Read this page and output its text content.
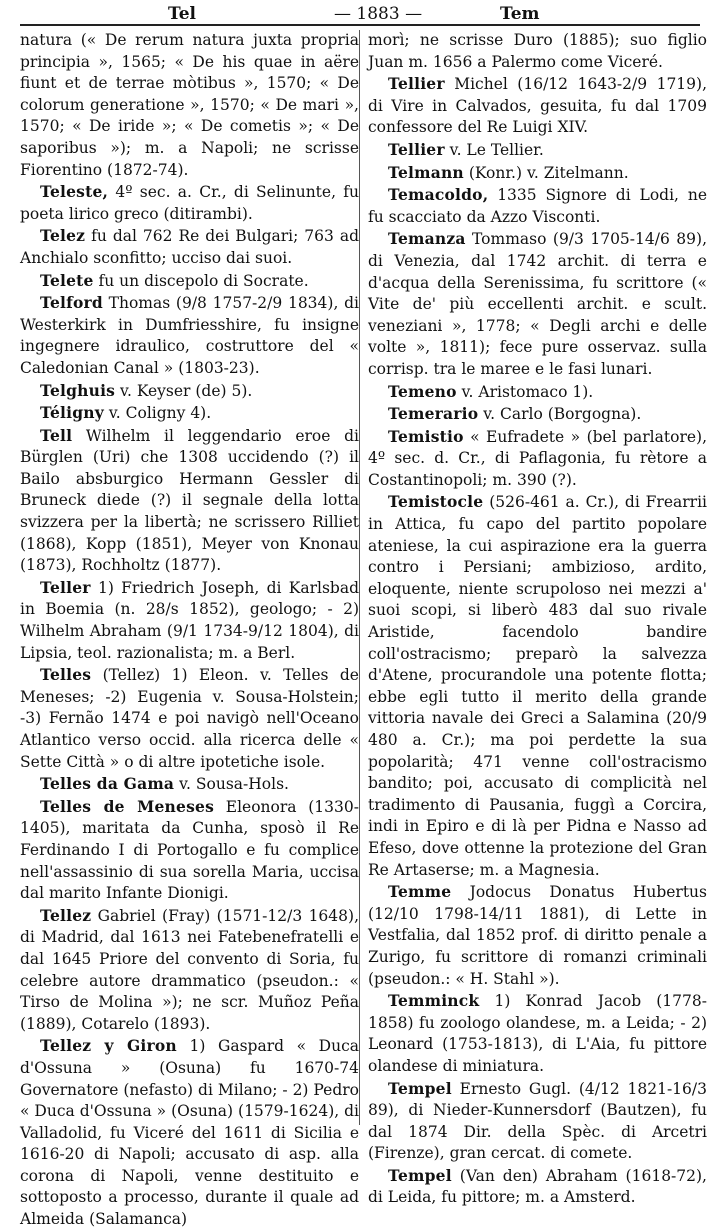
Tel	— 1883 —	Tem
natura (« De rerum natura juxta propria principia », 1565; « De his quae in aëre fiunt et de terrae mòtibus », 1570; « De colorum generatione », 1570; « De mari », 1570; « De iride »; « De cometis »; « De saporibus »); m. a Napoli; ne scrisse Fiorentino (1872-74).
Teleste, 4º sec. a. Cr., di Selinunte, fu poeta lirico greco (ditirambi).
Telez fu dal 762 Re dei Bulgari; 763 ad Anchialo sconfitto; ucciso dai suoi.
Telete fu un discepolo di Socrate.
Telford Thomas (9/8 1757-2/9 1834), di Westerkirk in Dumfriesshire, fu insigne ingegnere idraulico, costruttore del « Caledonian Canal » (1803-23).
Telghuis v. Keyser (de) 5).
Téligny v. Coligny 4).
Tell Wilhelm il leggendario eroe di Bürglen (Uri) che 1308 uccidendo (?) il Bailo absburgico Hermann Gessler di Bruneck diede (?) il segnale della lotta svizzera per la libertà; ne scrissero Rilliet (1868), Kopp (1851), Meyer von Knonau (1873), Rochholtz (1877).
Teller 1) Friedrich Joseph, di Karlsbad in Boemia (n. 28/s 1852), geologo; - 2) Wilhelm Abraham (9/1 1734-9/12 1804), di Lipsia, teol. razionalista; m. a Berl.
Telles (Tellez) 1) Eleon. v. Telles de Meneses; -2) Eugenia v. Sousa-Holstein; -3) Fernão 1474 e poi navigò nell'Oceano Atlantico verso occid. alla ricerca delle « Sette Città » o di altre ipotetiche isole.
Telles da Gama v. Sousa-Hols.
Telles de Meneses Eleonora (1330-1405), maritata da Cunha, sposò il Re Ferdinando I di Portogallo e fu complice nell'assassinio di sua sorella Maria, uccisa dal marito Infante Dionigi.
Tellez Gabriel (Fray) (1571-12/3 1648), di Madrid, dal 1613 nei Fatebenefratelli e dal 1645 Priore del convento di Soria, fu celebre autore drammatico (pseudon.: « Tirso de Molina »); ne scr. Muñoz Peña (1889), Cotarelo (1893).
Tellez y Giron 1) Gaspard « Duca d'Ossuna » (Osuna) fu 1670-74 Governatore (nefasto) di Milano; - 2) Pedro « Duca d'Ossuna » (Osuna) (1579-1624), di Valladolid, fu Viceré del 1611 di Sicilia e 1616-20 di Napoli; accusato di asp. alla corona di Napoli, venne destituito e sottoposto a processo, durante il quale ad Almeida (Salamanca)
morì; ne scrisse Duro (1885); suo figlio Juan m. 1656 a Palermo come Viceré.
Tellier Michel (16/12 1643-2/9 1719), di Vire in Calvados, gesuita, fu dal 1709 confessore del Re Luigi XIV.
Tellier v. Le Tellier.
Telmann (Konr.) v. Zitelmann.
Temacoldo, 1335 Signore di Lodi, ne fu scacciato da Azzo Visconti.
Temanza Tommaso (9/3 1705-14/6 89), di Venezia, dal 1742 archit. di terra e d'acqua della Serenissima, fu scrittore (« Vite de' più eccellenti archit. e scult. veneziani », 1778; « Degli archi e delle volte », 1811); fece pure osservaz. sulla corrisp. tra le maree e le fasi lunari.
Temeno v. Aristomaco 1).
Temerario v. Carlo (Borgogna).
Temistio « Eufradete » (bel parlatore), 4º sec. d. Cr., di Paflagonia, fu rètore a Costantinopoli; m. 390 (?).
Temistocle (526-461 a. Cr.), di Frearrii in Attica, fu capo del partito popolare ateniese, la cui aspirazione era la guerra contro i Persiani; ambizioso, ardito, eloquente, niente scrupoloso nei mezzi a' suoi scopi, si liberò 483 dal suo rivale Aristide, facendolo bandire coll'ostracismo; preparò la salvezza d'Atene, procurandole una potente flotta; ebbe egli tutto il merito della grande vittoria navale dei Greci a Salamina (20/9 480 a. Cr.); ma poi perdette la sua popolarità; 471 venne coll'ostracismo bandito; poi, accusato di complicità nel tradimento di Pausania, fuggì a Corcira, indi in Epiro e di là per Pidna e Nasso ad Efeso, dove ottenne la protezione del Gran Re Artaserse; m. a Magnesia.
Temme Jodocus Donatus Hubertus (12/10 1798-14/11 1881), di Lette in Vestfalia, dal 1852 prof. di diritto penale a Zurigo, fu scrittore di romanzi criminali (pseudon.: « H. Stahl »).
Temminck 1) Konrad Jacob (1778-1858) fu zoologo olandese, m. a Leida; - 2) Leonard (1753-1813), di L'Aia, fu pittore olandese di miniatura.
Tempel Ernesto Gugl. (4/12 1821-16/3 89), di Nieder-Kunnersdorf (Bautzen), fu dal 1874 Dir. della Spèc. di Arcetri (Firenze), gran cercat. di comete.
Tempel (Van den) Abraham (1618-72), di Leida, fu pittore; m. a Amsterd.
